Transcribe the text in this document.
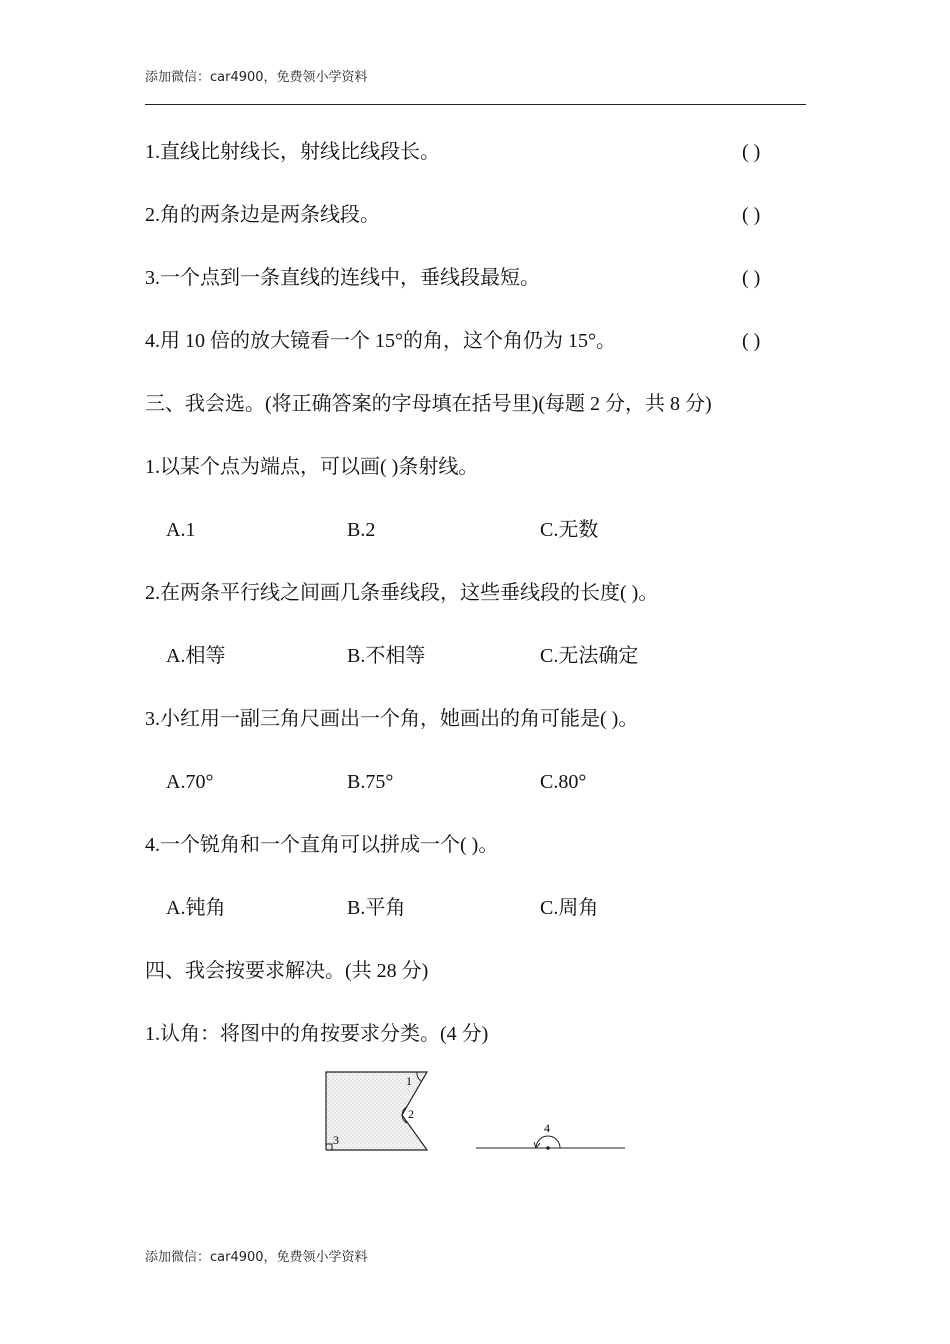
添加微信：car4900，免费领小学资料
1.直线比射线长，射线比线段长。	( )
2.角的两条边是两条线段。	( )
3.一个点到一条直线的连线中，垂线段最短。	( )
4.用 10 倍的放大镜看一个 15°的角，这个角仍为 15°。	( )
三、我会选。(将正确答案的字母填在括号里)(每题 2 分，共 8 分)
1.以某个点为端点，可以画( )条射线。
A.1	B.2	C.无数
2.在两条平行线之间画几条垂线段，这些垂线段的长度( )。
A.相等	B.不相等	C.无法确定
3.小红用一副三角尺画出一个角，她画出的角可能是( )。
A.70°	B.75°	C.80°
4.一个锐角和一个直角可以拼成一个( )。
A.钝角	B.平角	C.周角
四、我会按要求解决。(共 28 分)
1.认角：将图中的角按要求分类。(4 分)
1
2
3
4
添加微信：car4900，免费领小学资料
